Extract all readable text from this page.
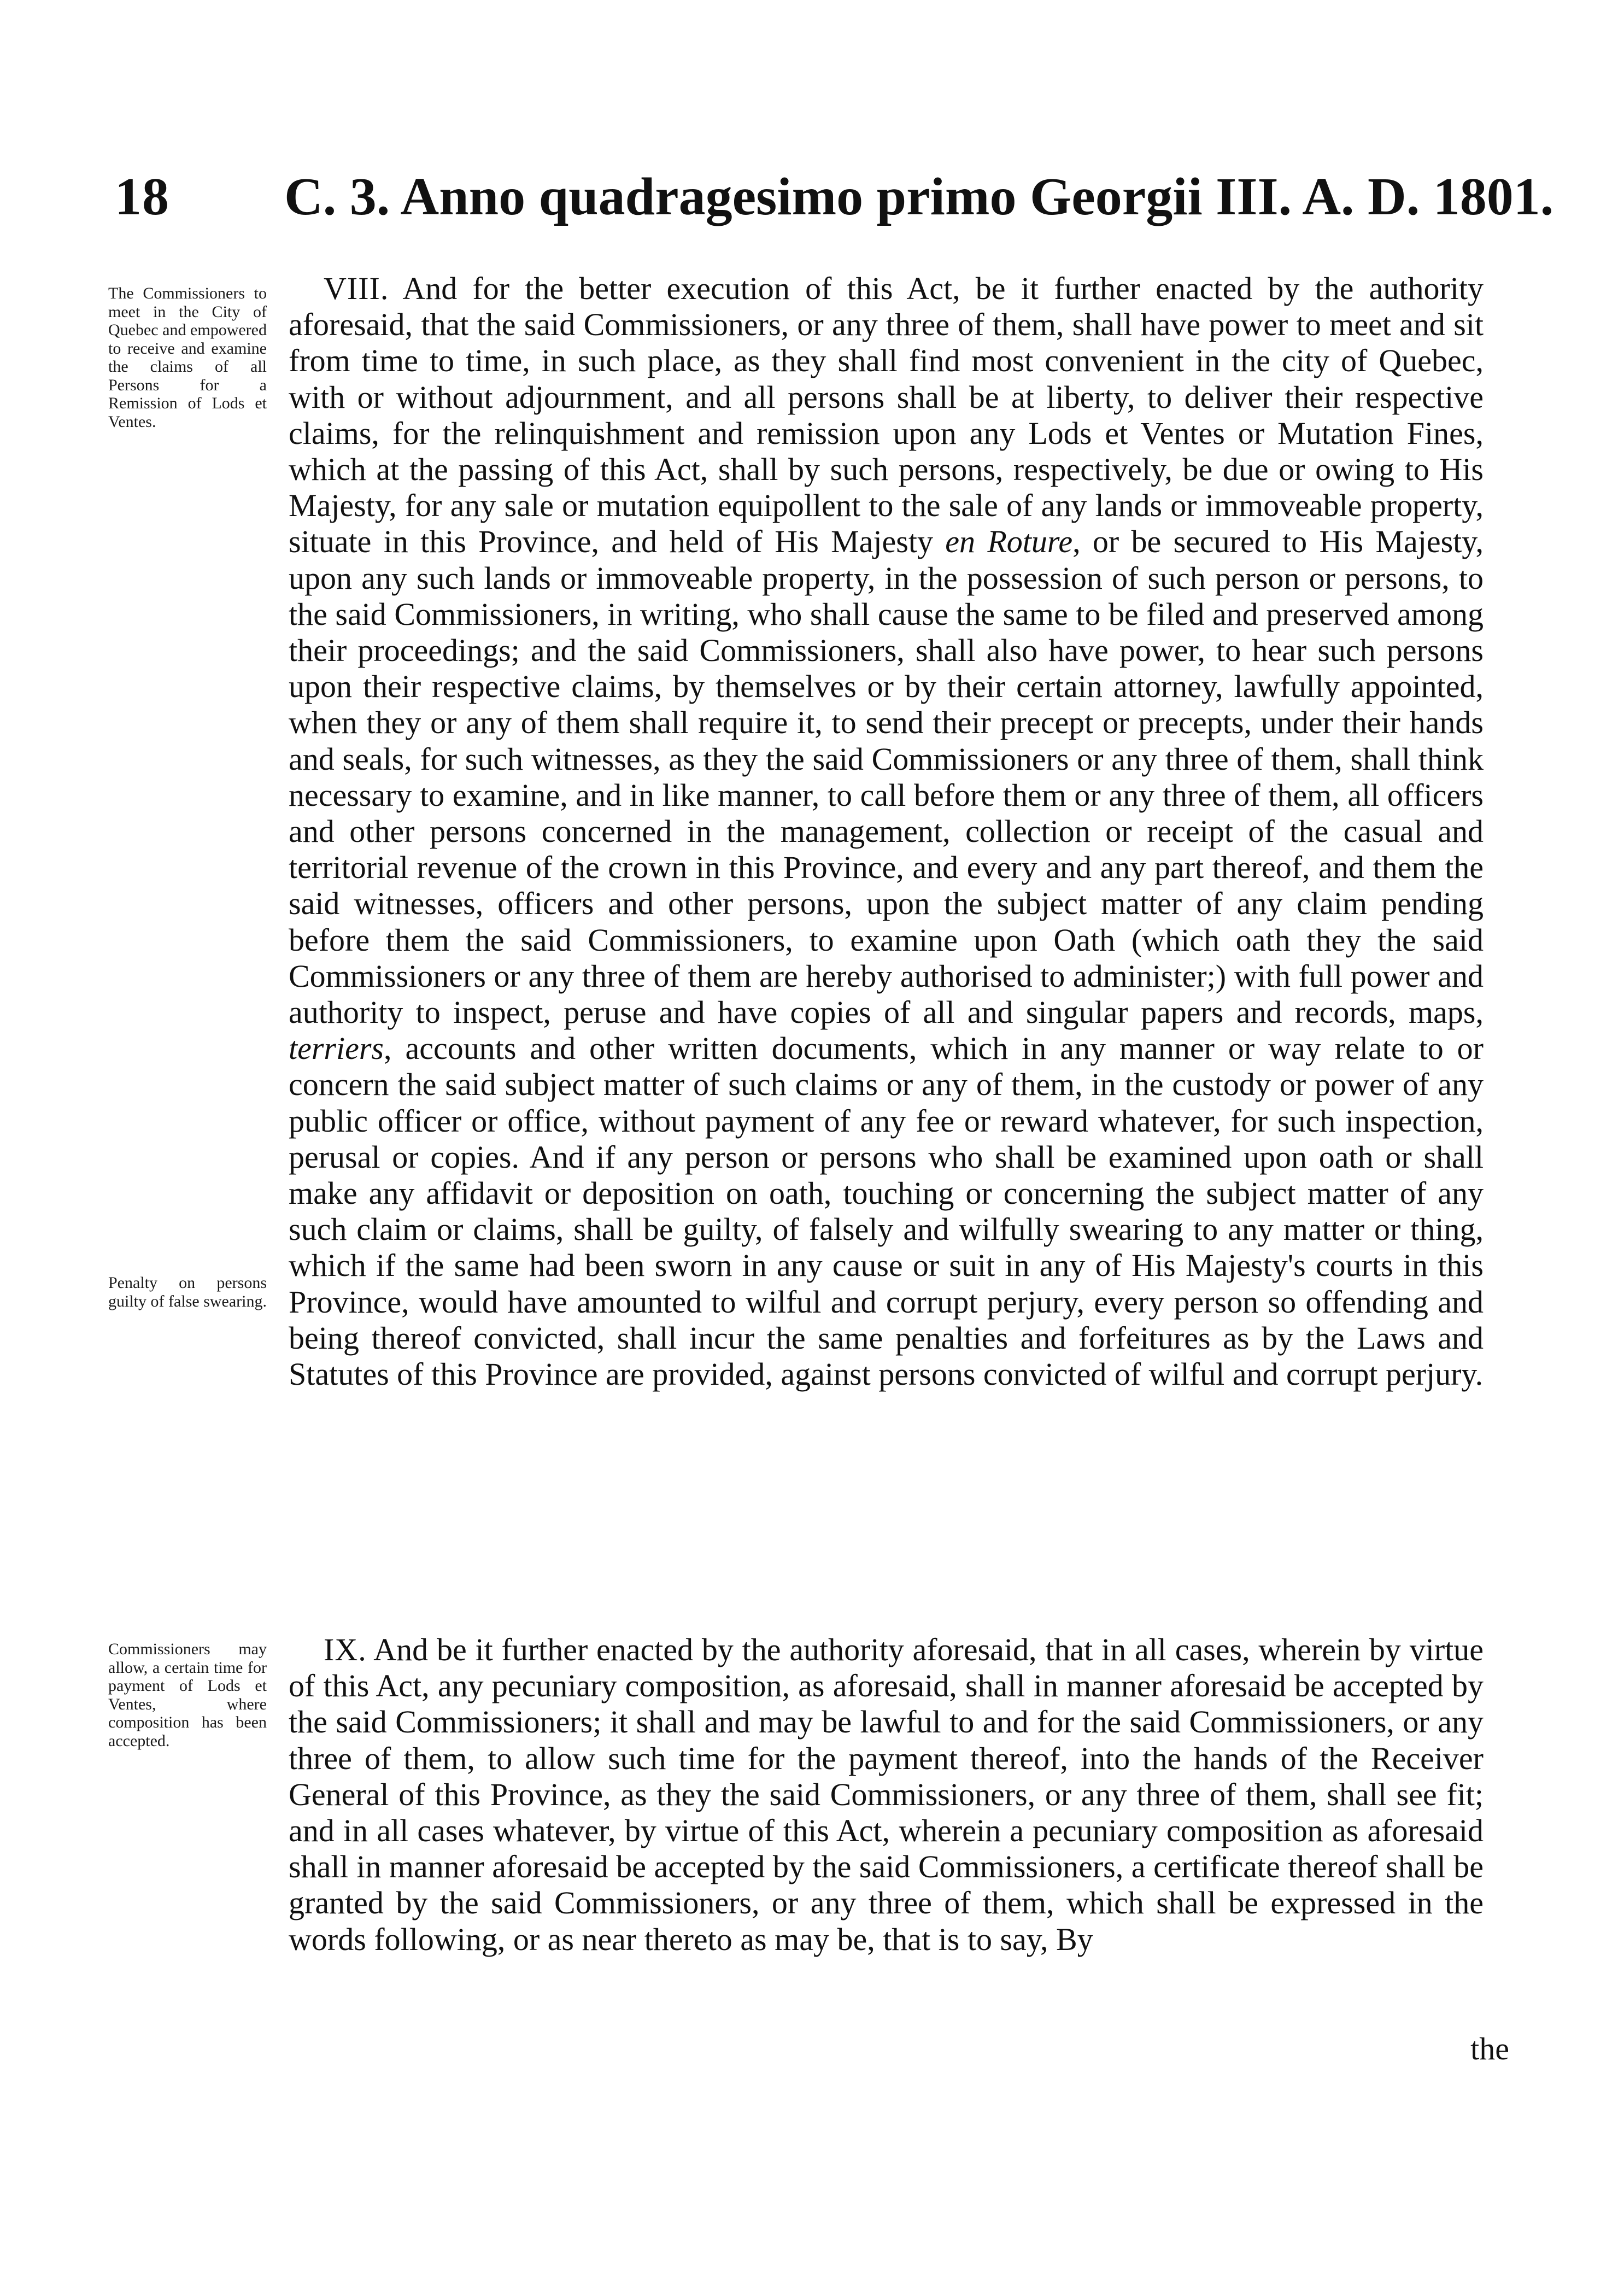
18 C. 3. Anno quadragesimo primo Georgii III. A. D. 1801.
The Commissioners to meet in the City of Quebec and empowered to receive and examine the claims of all Persons for a Remission of Lods et Ventes.
Penalty on persons guilty of false swearing.
Commissioners may allow, a certain time for payment of Lods et Ventes, where composition has been accepted.

VIII. And for the better execution of this Act, be it further enacted by the authority aforesaid, that the said Commissioners, or any three of them, shall have power to meet and sit from time to time, in such place, as they shall find most convenient in the city of Quebec, with or without adjournment, and all persons shall be at liberty, to deliver their respective claims, for the relinquishment and remission upon any Lods et Ventes or Mutation Fines, which at the passing of this Act, shall by such persons, respectively, be due or owing to His Majesty, for any sale or mutation equipollent to the sale of any lands or immoveable property, situate in this Province, and held of His Majesty en Roture, or be secured to His Majesty, upon any such lands or immoveable property, in the possession of such person or persons, to the said Commissioners, in writing, who shall cause the same to be filed and preserved among their proceedings; and the said Commissioners, shall also have power, to hear such persons upon their respective claims, by themselves or by their certain attorney, lawfully appointed, when they or any of them shall require it, to send their precept or precepts, under their hands and seals, for such witnesses, as they the said Commissioners or any three of them, shall think necessary to examine, and in like manner, to call before them or any three of them, all officers and other persons concerned in the management, collection or receipt of the casual and territorial revenue of the crown in this Province, and every and any part thereof, and them the said witnesses, officers and other persons, upon the subject matter of any claim pending before them the said Commissioners, to examine upon Oath (which oath they the said Commissioners or any three of them are hereby authorised to administer;) with full power and authority to inspect, peruse and have copies of all and singular papers and records, maps, terriers, accounts and other written documents, which in any manner or way relate to or concern the said subject matter of such claims or any of them, in the custody or power of any public officer or office, without payment of any fee or reward whatever, for such inspection, perusal or copies. And if any person or persons who shall be examined upon oath or shall make any affidavit or deposition on oath, touching or concerning the subject matter of any such claim or claims, shall be guilty, of falsely and wilfully swearing to any matter or thing, which if the same had been sworn in any cause or suit in any of His Majesty's courts in this Province, would have amounted to wilful and corrupt perjury, every person so offending and being thereof convicted, shall incur the same penalties and forfeitures as by the Laws and Statutes of this Province are provided, against persons convicted of wilful and corrupt perjury.

IX. And be it further enacted by the authority aforesaid, that in all cases, wherein by virtue of this Act, any pecuniary composition, as aforesaid, shall in manner aforesaid be accepted by the said Commissioners; it shall and may be lawful to and for the said Commissioners, or any three of them, to allow such time for the payment thereof, into the hands of the Receiver General of this Province, as they the said Commissioners, or any three of them, shall see fit; and in all cases whatever, by virtue of this Act, wherein a pecuniary composition as aforesaid shall in manner aforesaid be accepted by the said Commissioners, a certificate thereof shall be granted by the said Commissioners, or any three of them, which shall be expressed in the words following, or as near thereto as may be, that is to say, By

the
